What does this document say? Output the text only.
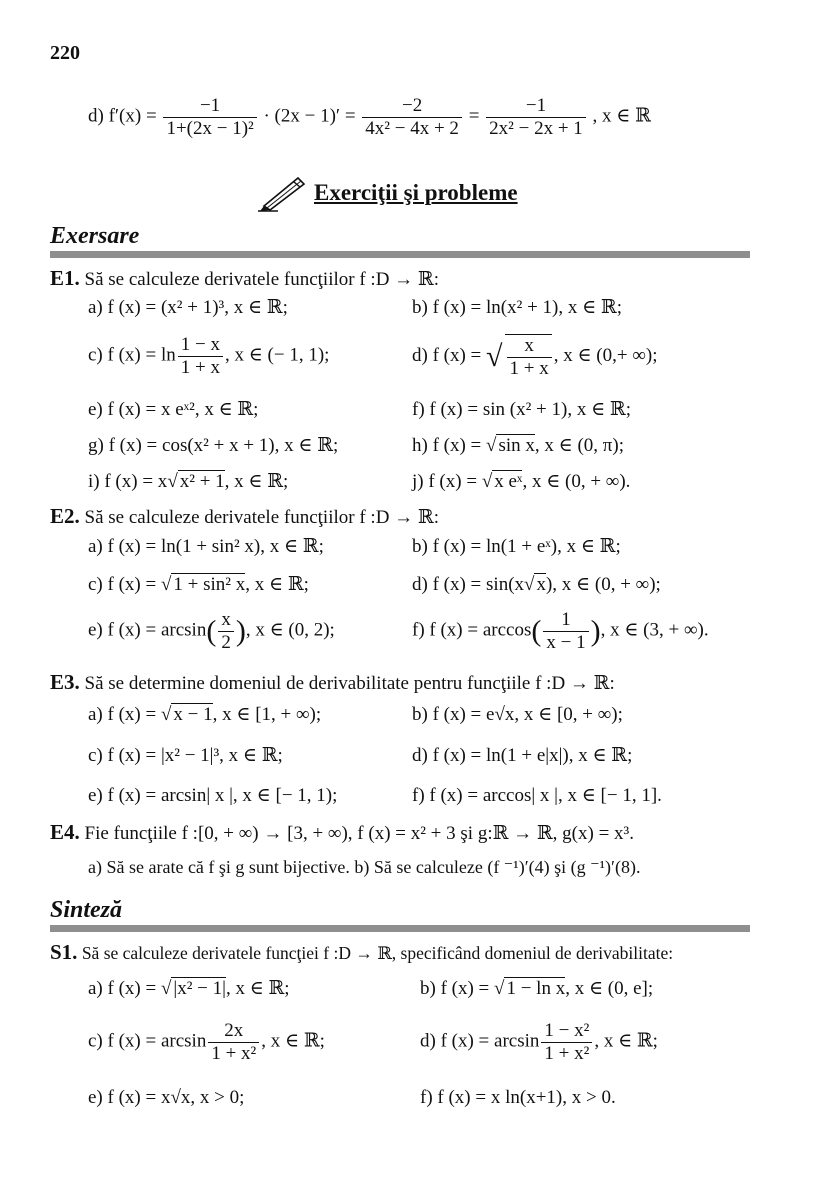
220
d) $f'(x) = \frac{-1}{\text{1+(2x − 1)²}} \cdot (2x - 1)' = \frac{-2}{\text{4x² − 4x + 2}} = \frac{-1}{\text{2x² − 2x + 1}}$ , x ∈ ℝ
Exerciţii şi probleme
Exersare
E1. Să se calculeze derivatele funcţiilor f :D → ℝ:
a) f (x) = (x² + 1)³, x ∈ ℝ;	b) f (x) = ln(x² + 1), x ∈ ℝ;
c) f $(x) = \ln \frac{1 - x}{1 + x}$ , x ∈ (− 1, 1);	d) f (x) = √ $\frac{x}{1 + x}$ , x ∈ (0,+ ∞);
e) f (x) = x eˣ², x ∈ ℝ;	f) f (x) = sin (x² + 1), x ∈ ℝ;
g) f (x) = cos(x² + x + 1), x ∈ ℝ;	h) f (x) = √ sin x, x ∈ (0, π);
i) f (x) = x√ x² + 1, x ∈ ℝ;	j) f (x) = √ x eˣ, x ∈ (0, + ∞).
E2. Să se calculeze derivatele funcţiilor f :D → ℝ:
a) f (x) = ln(1 + sin² x), x ∈ ℝ;	b) f (x) = ln(1 + eˣ), x ∈ ℝ;
c) f (x) = √ 1 + sin² x, x ∈ ℝ;	d) f (x) = sin(x√ x), x ∈ (0, + ∞);
e) f $(x) = \arcsin( \frac{x}{2}$ ), x ∈ (0, 2);	f) f $(x) = \arccos( \frac{1}{x - 1}$ ), x ∈ (3, + ∞).
E3. Să se determine domeniul de derivabilitate pentru funcţiile f :D → ℝ:
a) f (x) = √ x − 1, x ∈ [1, + ∞);	b) f (x) = e√x, x ∈ [0, + ∞);
c) f (x) = |x² − 1|³, x ∈ ℝ;	d) f (x) = ln(1 + e|x|), x ∈ ℝ;
e) f (x) = arcsin| x |, x ∈ [− 1, 1);	f) f (x) = arccos| x |, x ∈ [− 1, 1].
E4. Fie funcţiile f :[0, + ∞) → [3, + ∞), f (x) = x² + 3 şi g:ℝ → ℝ, g(x) = x³.
a) Să se arate că f şi g sunt bijective. b) Să se calculeze (f ⁻¹)′(4) şi (g ⁻¹)′(8).
Sinteză
S1. Să se calculeze derivatele funcţiei f :D → ℝ, specificând domeniul de derivabilitate:
a) f (x) = √ |x² − 1|, x ∈ ℝ;	b) f (x) = √ 1 − ln x, x ∈ (0, e];
c) f $(x) = \arcsin \frac{2x}{\text{1 + x²}}$ , x ∈ ℝ;	d) f $(x) = \arcsin \frac{\text{1 − x²}}{\text{1 + x²}}$ , x ∈ ℝ;
e) f (x) = x√x, x > 0;	f) f (x) = x ln(x+1), x > 0.
